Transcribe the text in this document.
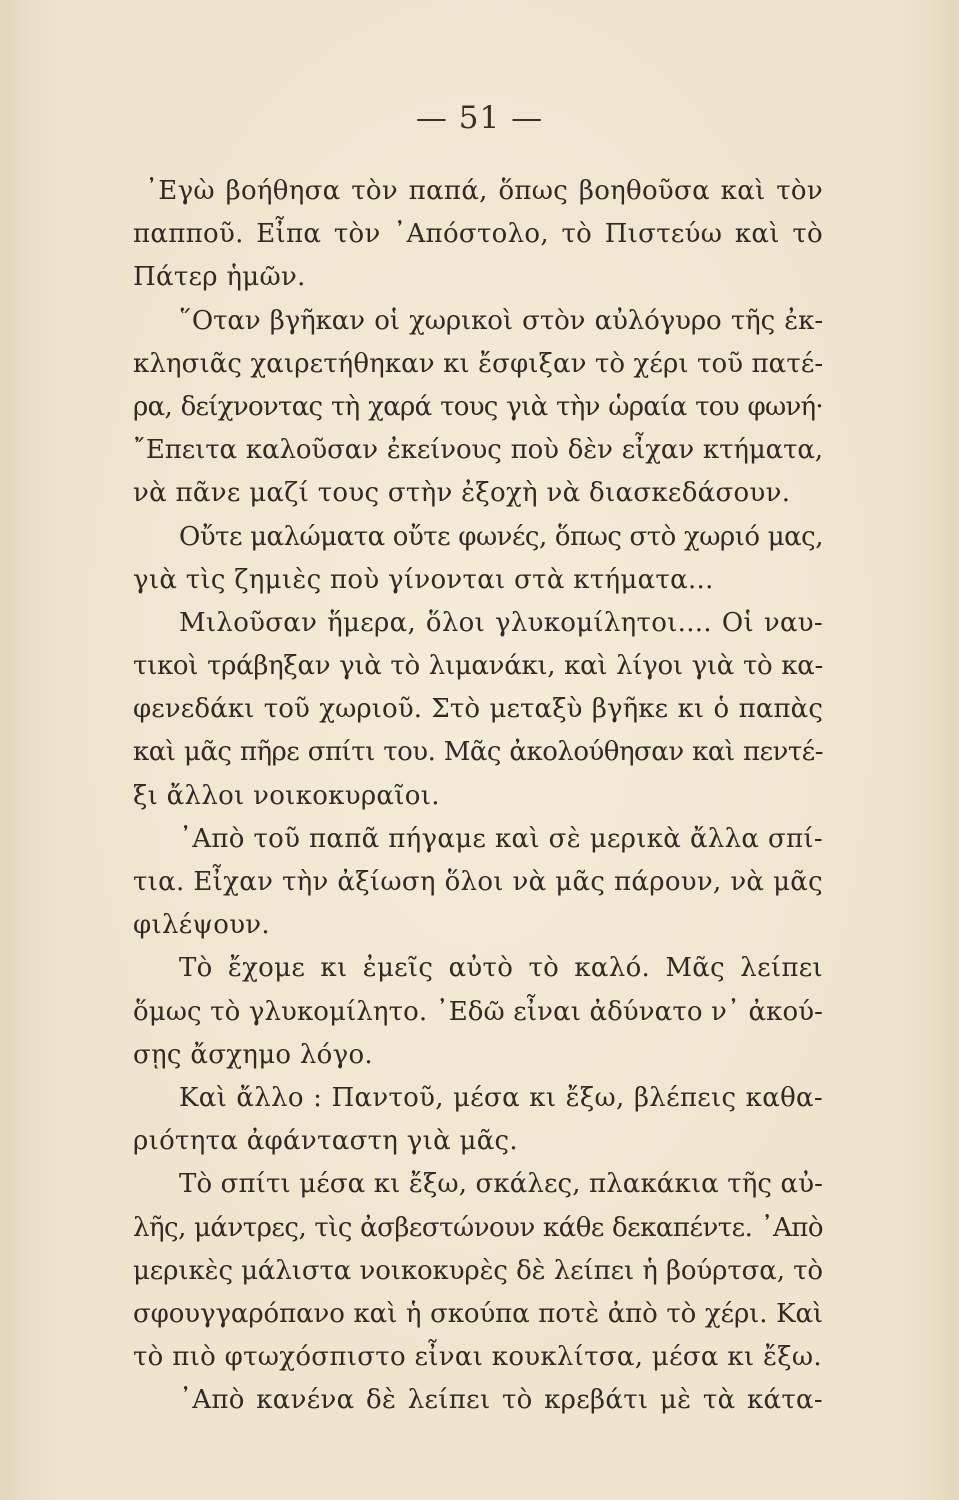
— 51 —
᾿Εγὼ βοήθησα τὸν παπά, ὅπως βοηθοῦσα καὶ τὸν
παπποῦ. Εἶπα τὸν ᾿Απόστολο, τὸ Πιστεύω καὶ τὸ
Πάτερ ἡμῶν.
῞Οταν βγῆκαν οἱ χωρικοὶ στὸν αὐλόγυρο τῆς ἐκ-
κλησιᾶς χαιρετήθηκαν κι ἔσφιξαν τὸ χέρι τοῦ πατέ-
ρα, δείχνοντας τὴ χαρά τους γιὰ τὴν ὡραία του φωνή·
῎Επειτα καλοῦσαν ἐκείνους ποὺ δὲν εἶχαν κτήματα,
νὰ πᾶνε μαζί τους στὴν ἐξοχὴ νὰ διασκεδάσουν.
Οὔτε μαλώματα οὔτε φωνές, ὅπως στὸ χωριό μας,
γιὰ τὶς ζημιὲς ποὺ γίνονται στὰ κτήματα...
Μιλοῦσαν ἥμερα, ὅλοι γλυκομίλητοι.... Οἱ ναυ-
τικοὶ τράβηξαν γιὰ τὸ λιμανάκι, καὶ λίγοι γιὰ τὸ κα-
φενεδάκι τοῦ χωριοῦ. Στὸ μεταξὺ βγῆκε κι ὁ παπὰς
καὶ μᾶς πῆρε σπίτι του. Μᾶς ἀκολούθησαν καὶ πεντέ-
ξι ἄλλοι νοικοκυραῖοι.
᾿Απὸ τοῦ παπᾶ πήγαμε καὶ σὲ μερικὰ ἄλλα σπί-
τια. Εἶχαν τὴν ἀξίωση ὅλοι νὰ μᾶς πάρουν, νὰ μᾶς
φιλέψουν.
Τὸ ἔχομε κι ἐμεῖς αὐτὸ τὸ καλό. Μᾶς λείπει
ὅμως τὸ γλυκομίλητο. ᾿Εδῶ εἶναι ἀδύνατο ν᾿ ἀκού-
σῃς ἄσχημο λόγο.
Καὶ ἄλλο : Παντοῦ, μέσα κι ἔξω, βλέπεις καθα-
ριότητα ἀφάνταστη γιὰ μᾶς.
Τὸ σπίτι μέσα κι ἔξω, σκάλες, πλακάκια τῆς αὐ-
λῆς, μάντρες, τὶς ἀσβεστώνουν κάθε δεκαπέντε. ᾿Απὸ
μερικὲς μάλιστα νοικοκυρὲς δὲ λείπει ἡ βούρτσα, τὸ
σφουγγαρόπανο καὶ ἡ σκούπα ποτὲ ἀπὸ τὸ χέρι. Καὶ
τὸ πιὸ φτωχόσπιστο εἶναι κουκλίτσα, μέσα κι ἔξω.
᾿Απὸ κανένα δὲ λείπει τὸ κρεβάτι μὲ τὰ κάτα-
